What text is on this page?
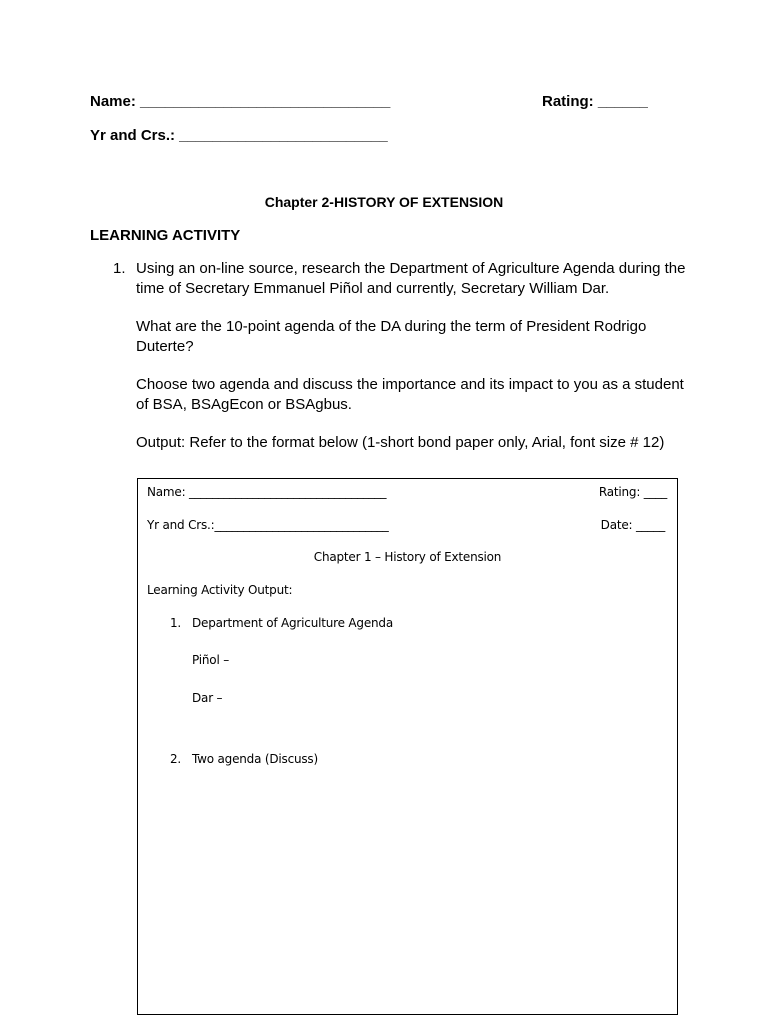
Name: ______________________________	Rating: ______
Yr and Crs.: _________________________
Chapter 2-HISTORY OF EXTENSION
LEARNING ACTIVITY
1. Using an on-line source, research the Department of Agriculture Agenda during the time of Secretary Emmanuel Piñol and currently, Secretary William Dar.
What are the 10-point agenda of the DA during the term of President Rodrigo Duterte?
Choose two agenda and discuss the importance and its impact to you as a student of BSA, BSAgEcon or BSAgbus.
Output: Refer to the format below (1-short bond paper only, Arial, font size # 12)
Name: __________________________________	Rating: ____
Yr and Crs.:______________________________	Date: _____
Chapter 1 – History of Extension
Learning Activity Output:
1. Department of Agriculture Agenda
Piñol –
Dar –
2. Two agenda (Discuss)
